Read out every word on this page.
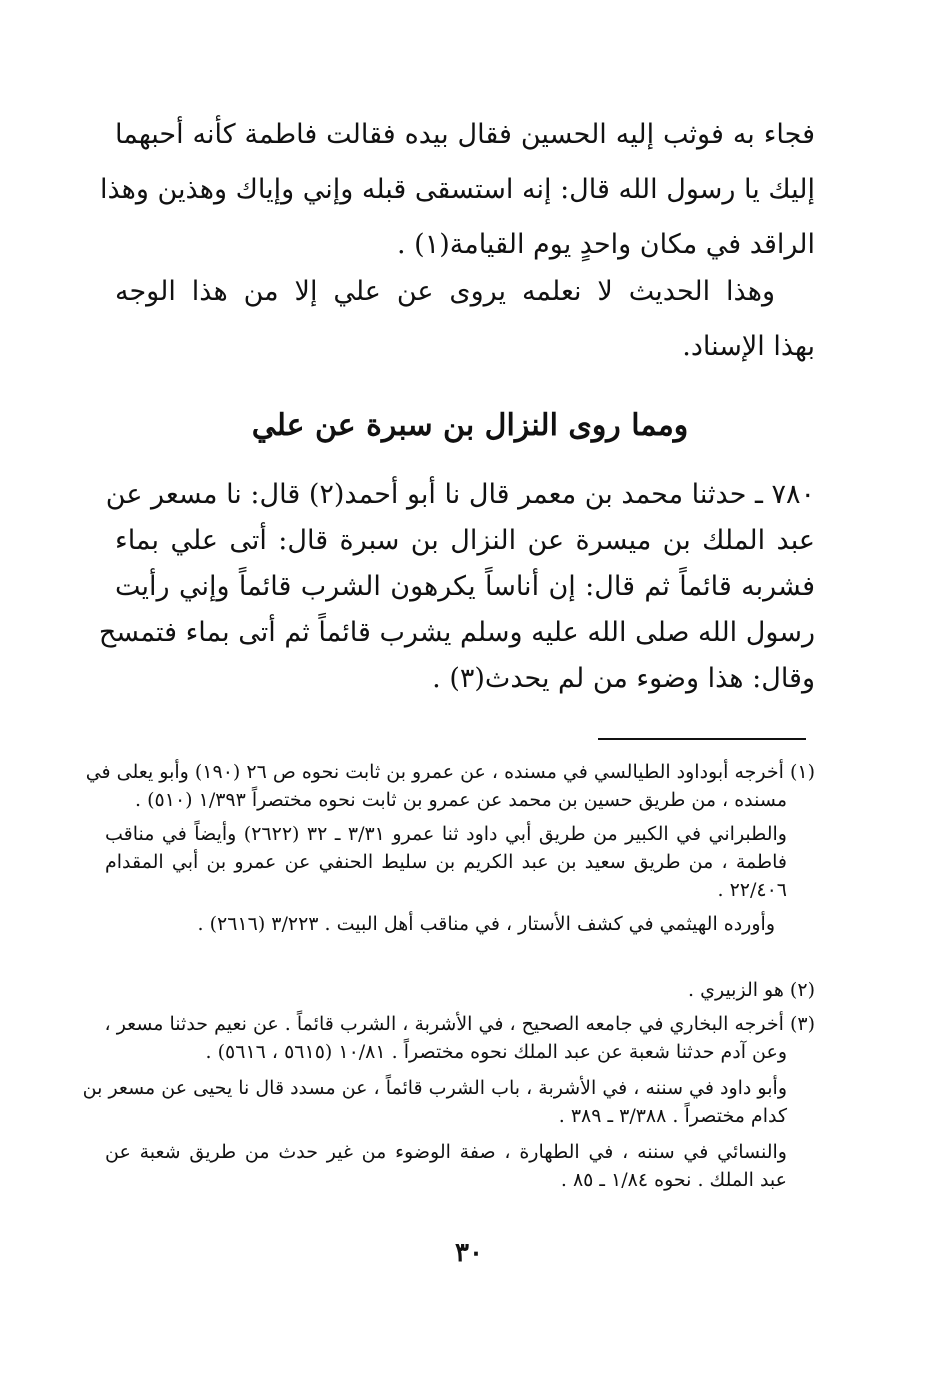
فجاء به فوثب إليه الحسين فقال بيده فقالت فاطمة كأنه أحبهما
إليك يا رسول الله قال: إنه استسقى قبله وإني وإياك وهذين وهذا
الراقد في مكان واحدٍ يوم القيامة(١) .
وهذا الحديث لا نعلمه يروى عن علي إلا من هذا الوجه
بهذا الإسناد.
ومما روى النزال بن سبرة عن علي
٧٨٠ ـ حدثنا محمد بن معمر قال نا أبو أحمد(٢) قال: نا مسعر عن
عبد الملك بن ميسرة عن النزال بن سبرة قال: أتى علي بماء
فشربه قائماً ثم قال: إن أناساً يكرهون الشرب قائماً وإني رأيت
رسول الله صلى الله عليه وسلم يشرب قائماً ثم أتى بماء فتمسح
وقال: هذا وضوء من لم يحدث(٣) .
(١) أخرجه أبوداود الطيالسي في مسنده ، عن عمرو بن ثابت نحوه ص ٢٦ (١٩٠) وأبو يعلى في
مسنده ، من طريق حسين بن محمد عن عمرو بن ثابت نحوه مختصراً ١/٣٩٣ (٥١٠) .
والطبراني في الكبير من طريق أبي داود ثنا عمرو ٣/٣١ ـ ٣٢ (٢٦٢٢) وأيضاً في مناقب
فاطمة ، من طريق سعيد بن عبد الكريم بن سليط الحنفي عن عمرو بن أبي المقدام
٢٢/٤٠٦ .
وأورده الهيثمي في كشف الأستار ، في مناقب أهل البيت . ٣/٢٢٣ (٢٦١٦) .
(٢) هو الزبيري .
(٣) أخرجه البخاري في جامعه الصحيح ، في الأشربة ، الشرب قائماً . عن نعيم حدثنا مسعر ،
وعن آدم حدثنا شعبة عن عبد الملك نحوه مختصراً . ١٠/٨١ (٥٦١٥ ، ٥٦١٦) .
وأبو داود في سننه ، في الأشربة ، باب الشرب قائماً ، عن مسدد قال نا يحيى عن مسعر بن
كدام مختصراً . ٣/٣٨٨ ـ ٣٨٩ .
والنسائي في سننه ، في الطهارة ، صفة الوضوء من غير حدث من طريق شعبة عن
عبد الملك . نحوه ١/٨٤ ـ ٨٥ .
٣٠
